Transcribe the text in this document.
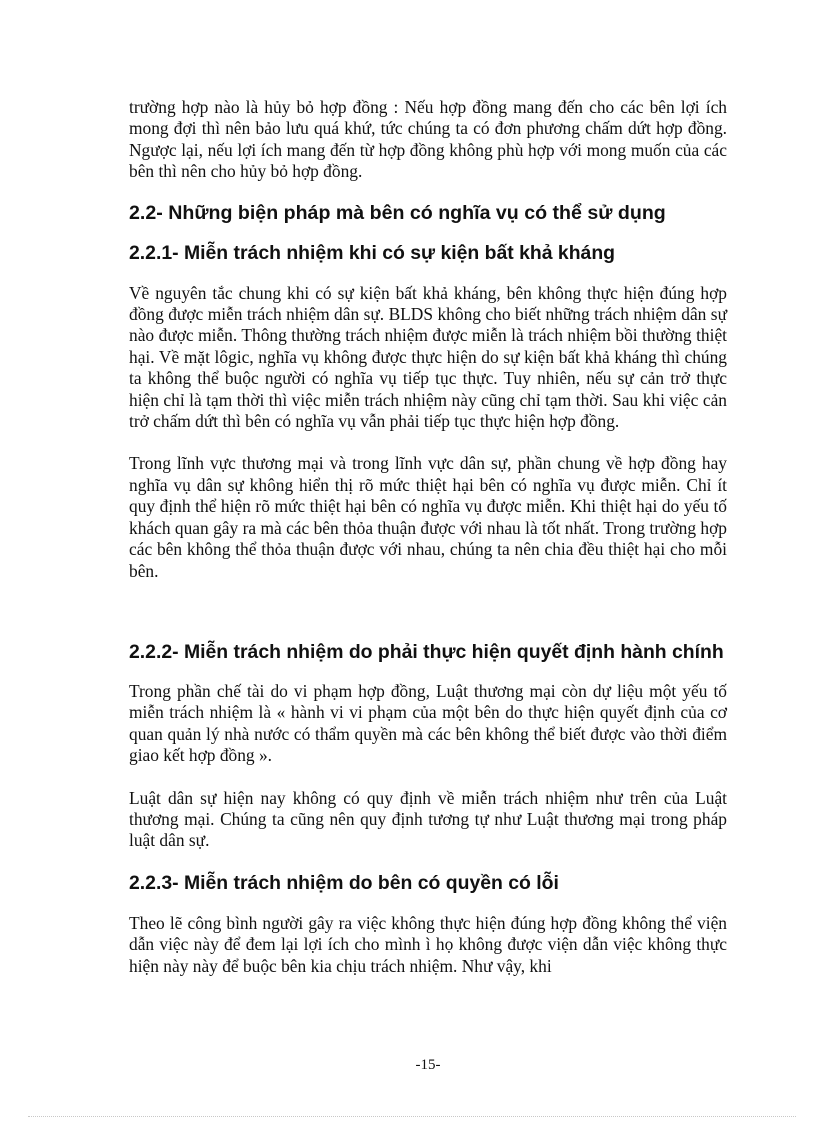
trường hợp nào là hủy bỏ hợp đồng : Nếu hợp đồng mang đến cho các bên lợi ích mong đợi thì nên bảo lưu quá khứ, tức chúng ta có đơn phương chấm dứt hợp đồng. Ngược lại, nếu lợi ích mang đến từ hợp đồng không phù hợp với mong muốn của các bên thì nên cho hủy bỏ hợp đồng.

2.2- Những biện pháp mà bên có nghĩa vụ có thể sử dụng
2.2.1- Miễn trách nhiệm khi có sự kiện bất khả kháng

Về nguyên tắc chung khi có sự kiện bất khả kháng, bên không thực hiện đúng hợp đồng được miễn trách nhiệm dân sự. BLDS không cho biết những trách nhiệm dân sự nào được miễn. Thông thường trách nhiệm được miễn là trách nhiệm bồi thường thiệt hại. Về mặt lôgic, nghĩa vụ không được thực hiện do sự kiện bất khả kháng thì chúng ta không thể buộc người có nghĩa vụ tiếp tục thực. Tuy nhiên, nếu sự cản trở thực hiện chỉ là tạm thời thì việc miễn trách nhiệm này cũng chỉ tạm thời. Sau khi việc cản trở chấm dứt thì bên có nghĩa vụ vẫn phải tiếp tục thực hiện hợp đồng.

Trong lĩnh vực thương mại và trong lĩnh vực dân sự, phần chung về hợp đồng hay nghĩa vụ dân sự không hiển thị rõ mức thiệt hại bên có nghĩa vụ được miễn. Chỉ ít quy định thể hiện rõ mức thiệt hại bên có nghĩa vụ được miễn. Khi thiệt hại do yếu tố khách quan gây ra mà các bên thỏa thuận được với nhau là tốt nhất. Trong trường hợp các bên không thể thỏa thuận được với nhau, chúng ta nên chia đều thiệt hại cho mỗi bên.

2.2.2- Miễn trách nhiệm do phải thực hiện quyết định hành chính

Trong phần chế tài do vi phạm hợp đồng, Luật thương mại còn dự liệu một yếu tố miễn trách nhiệm là « hành vi vi phạm của một bên do thực hiện quyết định của cơ quan quản lý nhà nước có thẩm quyền mà các bên không thể biết được vào thời điểm giao kết hợp đồng ».

Luật dân sự hiện nay không có quy định về miễn trách nhiệm như trên của Luật thương mại. Chúng ta cũng nên quy định tương tự như Luật thương mại trong pháp luật dân sự.

2.2.3- Miễn trách nhiệm do bên có quyền có lỗi

Theo lẽ công bình người gây ra việc không thực hiện đúng hợp đồng không thể viện dẫn việc này để đem lại lợi ích cho mình ì họ không được viện dẫn việc không thực hiện này này để buộc bên kia chịu trách nhiệm. Như vậy, khi

-15-
